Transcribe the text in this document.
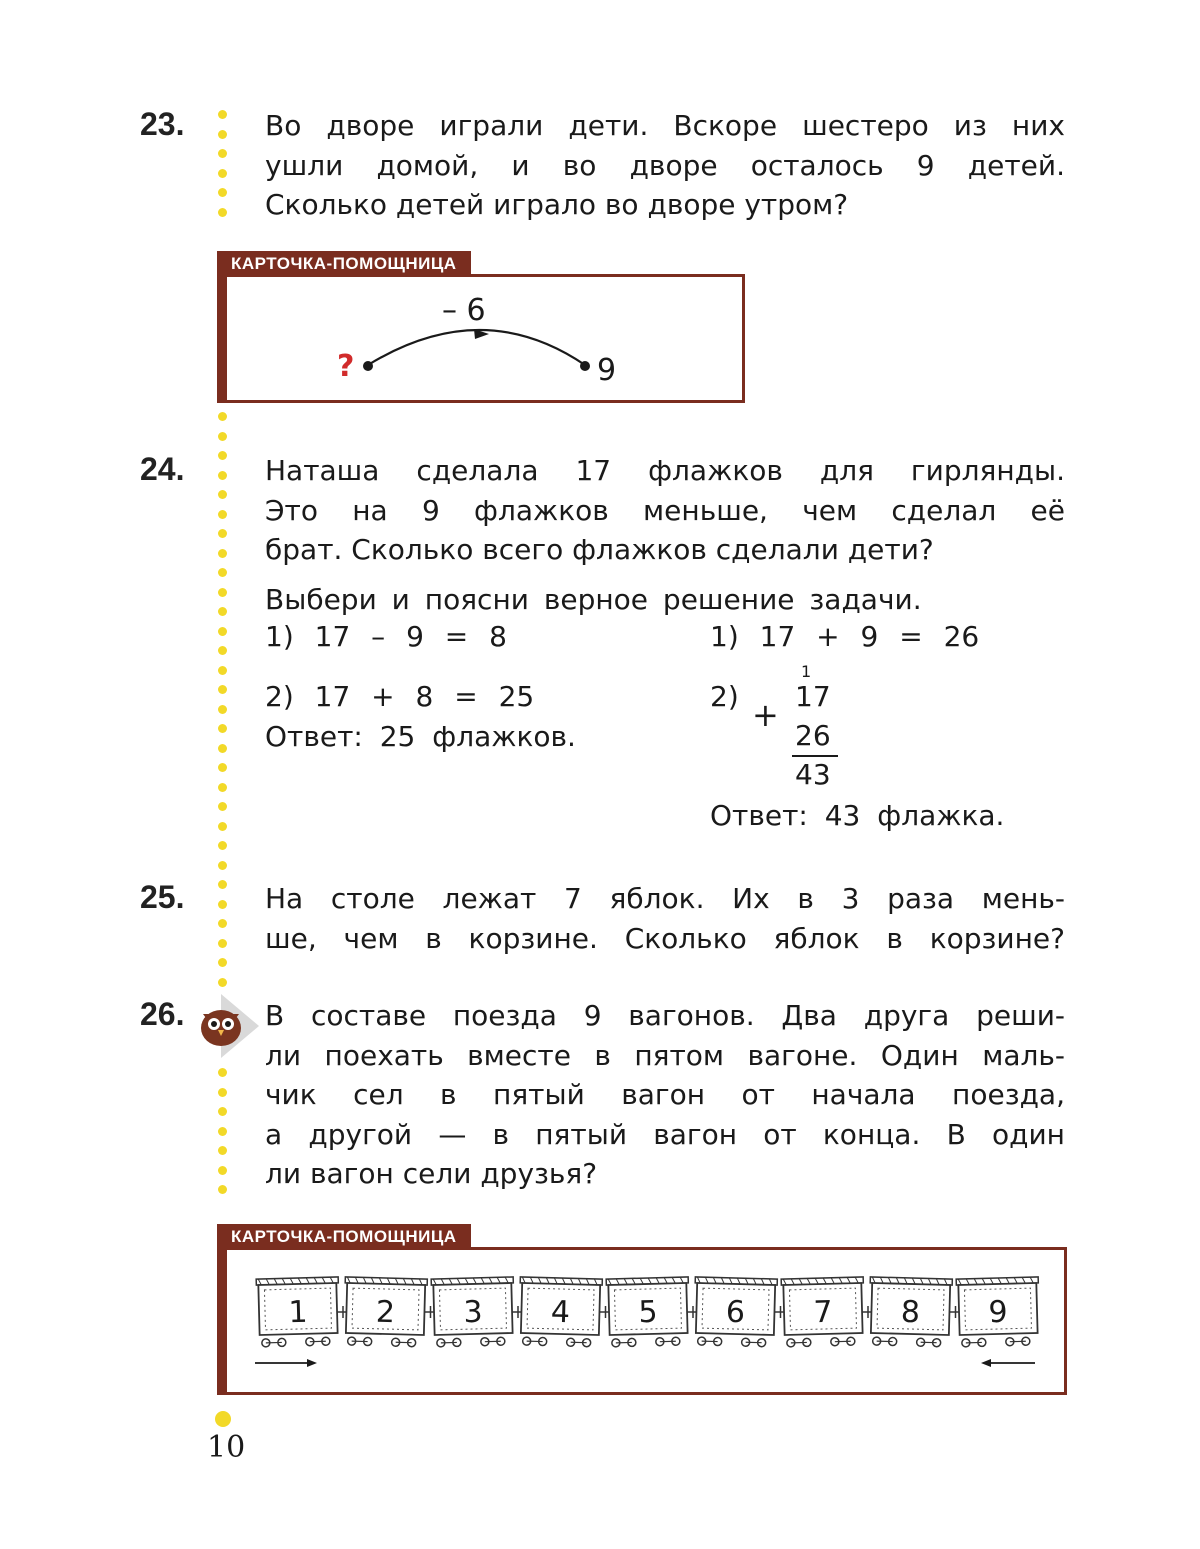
23.	Во дворе играли дети. Вскоре шестеро из них
ушли домой, и во дворе осталось 9 детей.
Сколько детей играло во дворе утром?
КАРТОЧКА-ПОМОЩНИЦА
– 6
?	9
24.	Наташа сделала 17 флажков для гирлянды.
Это на 9 флажков меньше, чем сделал её
брат. Сколько всего флажков сделали дети?
Выбери и поясни верное решение задачи.
1) 17 – 9 = 8
2) 17 + 8 = 25
Ответ: 25 флажков.
1) 17 + 9 = 26
2) +
1
17
26
43
Ответ: 43 флажка.
25.	На столе лежат 7 яблок. Их в 3 раза мень-
ше, чем в корзине. Сколько яблок в корзине?
26.	В составе поезда 9 вагонов. Два друга реши-
ли поехать вместе в пятом вагоне. Один маль-
чик сел в пятый вагон от начала поезда,
а другой — в пятый вагон от конца. В один
ли вагон сели друзья?
КАРТОЧКА-ПОМОЩНИЦА
1 2 3 4 5 6 7 8 9
10
